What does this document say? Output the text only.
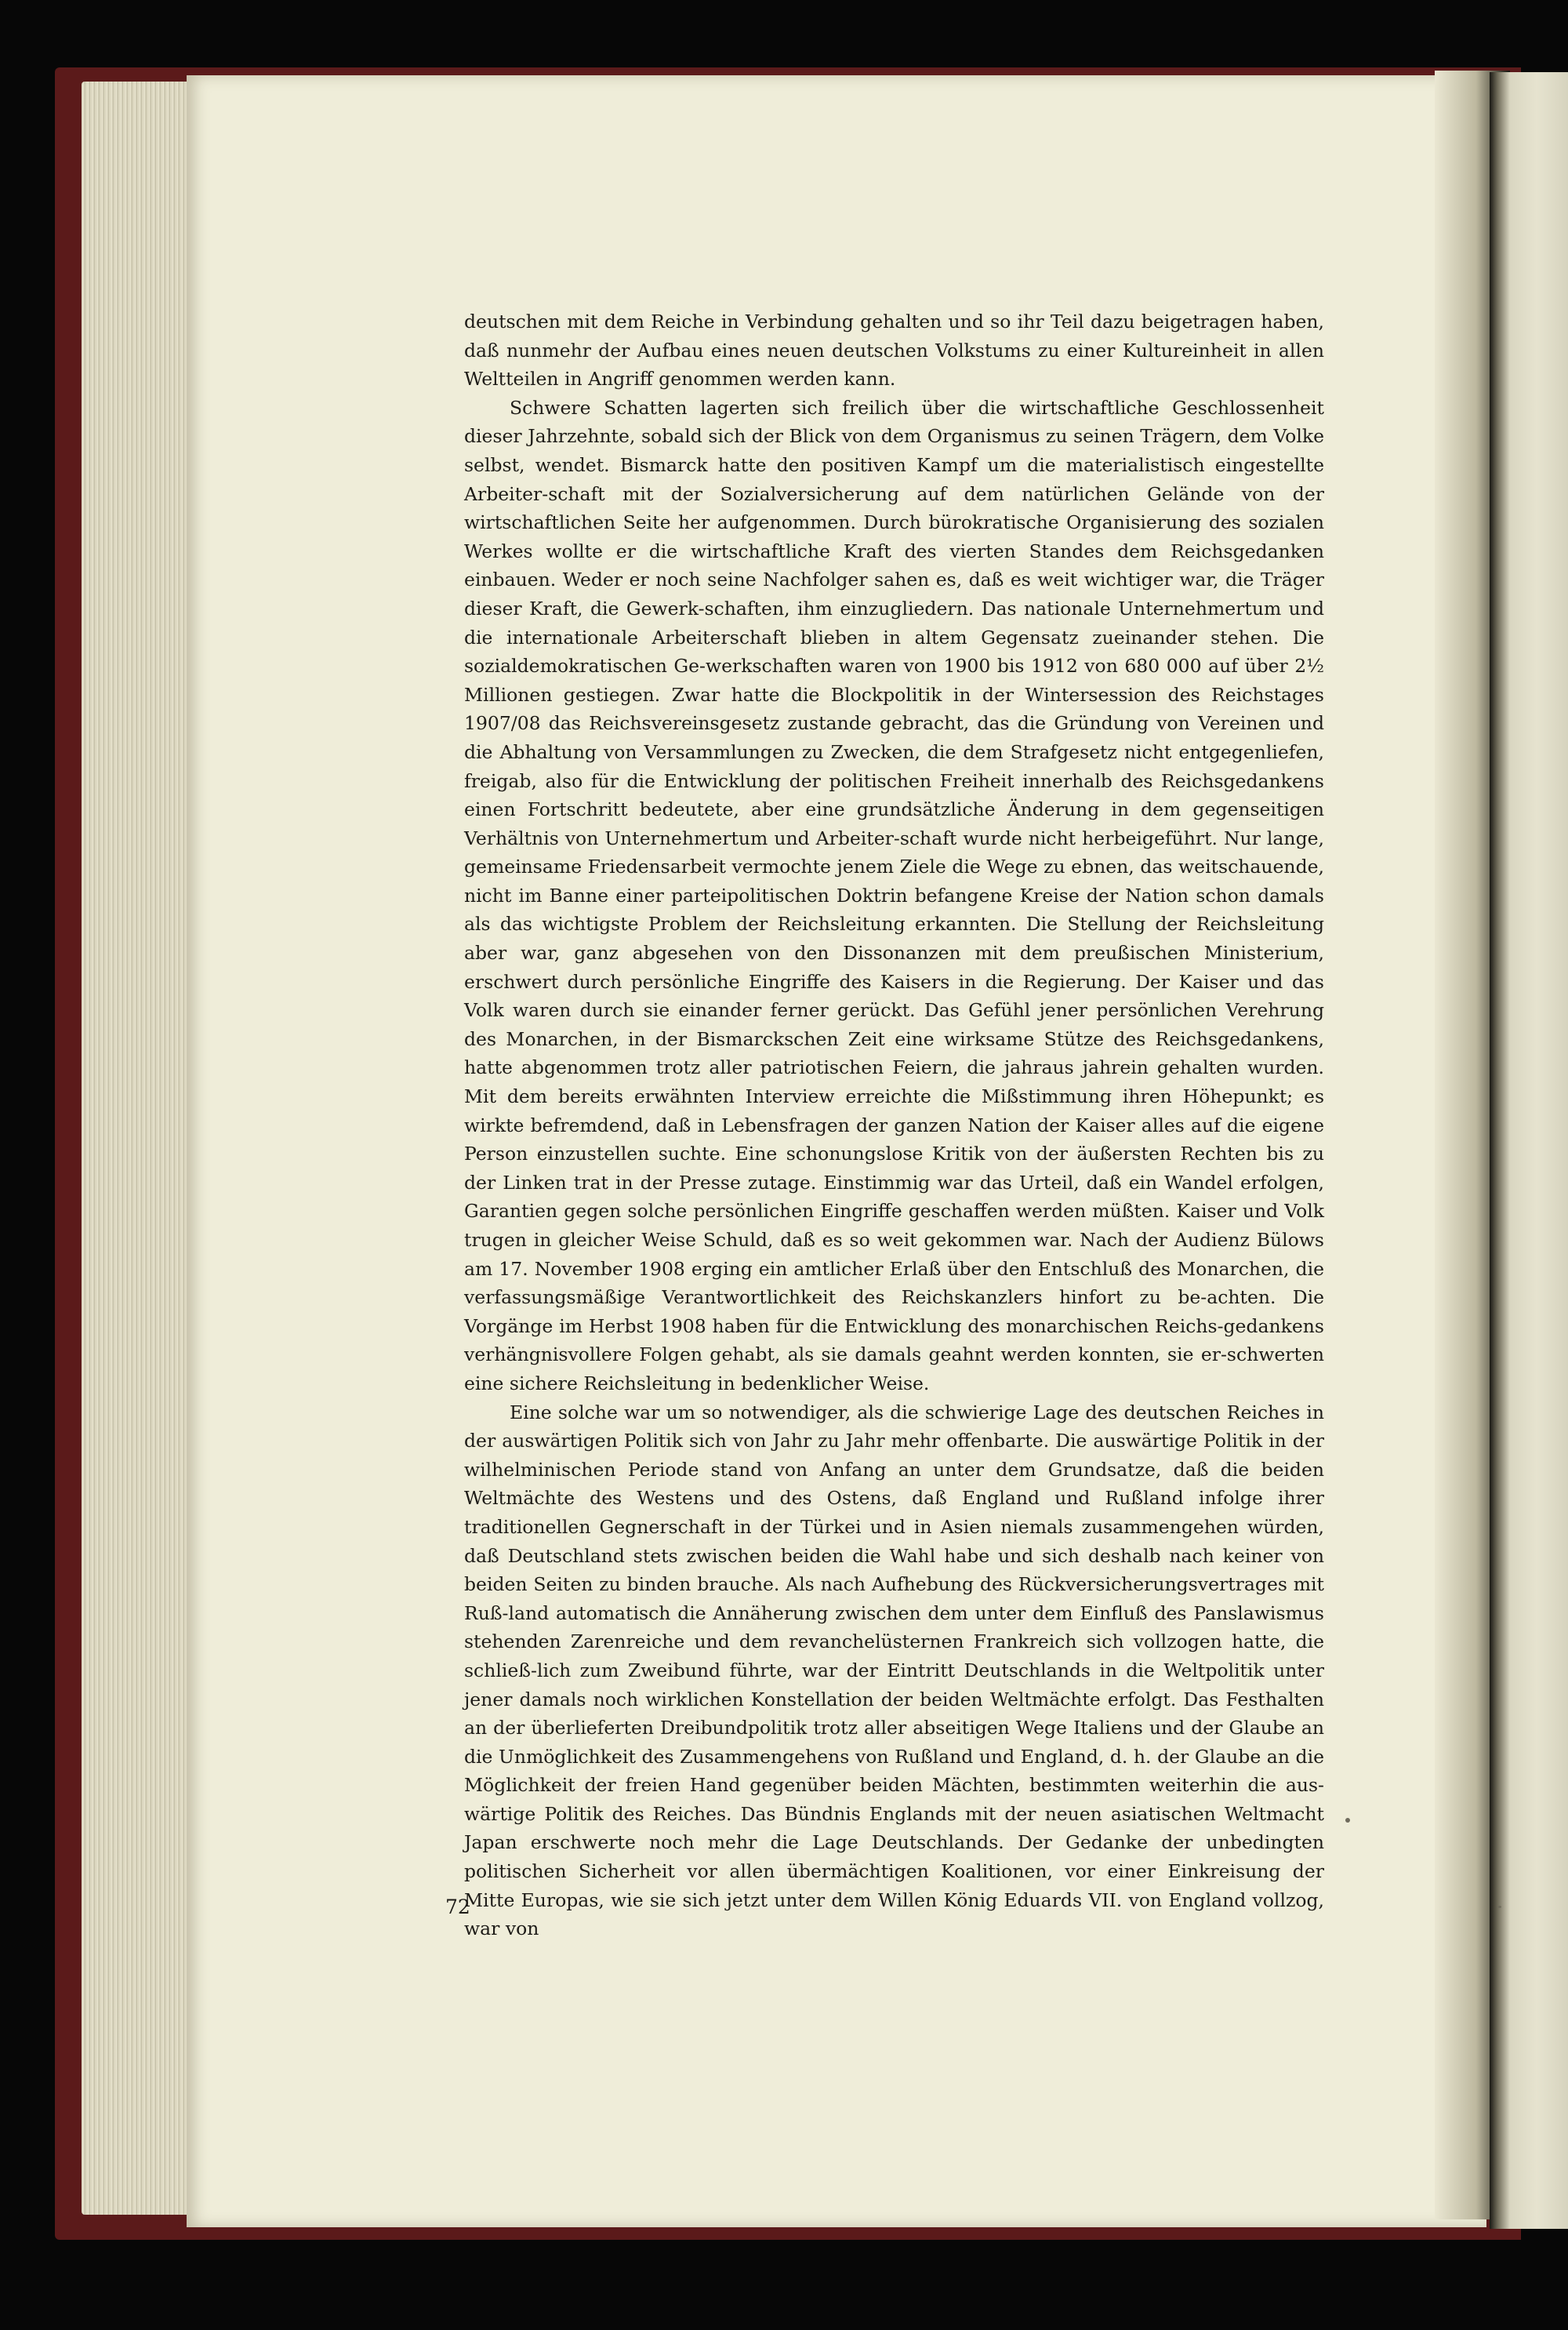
deutschen mit dem Reiche in Verbindung gehalten und so ihr Teil dazu beigetragen haben, daß nunmehr der Aufbau eines neuen deutschen Volkstums zu einer Kultureinheit in allen Weltteilen in Angriff genommen werden kann.

Schwere Schatten lagerten sich freilich über die wirtschaftliche Geschlossenheit dieser Jahrzehnte, sobald sich der Blick von dem Organismus zu seinen Trägern, dem Volke selbst, wendet. Bismarck hatte den positiven Kampf um die materialistisch eingestellte Arbeiter-schaft mit der Sozialversicherung auf dem natürlichen Gelände von der wirtschaftlichen Seite her aufgenommen. Durch bürokratische Organisierung des sozialen Werkes wollte er die wirtschaftliche Kraft des vierten Standes dem Reichsgedanken einbauen. Weder er noch seine Nachfolger sahen es, daß es weit wichtiger war, die Träger dieser Kraft, die Gewerk-schaften, ihm einzugliedern. Das nationale Unternehmertum und die internationale Arbeiterschaft blieben in altem Gegensatz zueinander stehen. Die sozialdemokratischen Ge-werkschaften waren von 1900 bis 1912 von 680 000 auf über 2½ Millionen gestiegen. Zwar hatte die Blockpolitik in der Wintersession des Reichstages 1907/08 das Reichsvereinsgesetz zustande gebracht, das die Gründung von Vereinen und die Abhaltung von Versammlungen zu Zwecken, die dem Strafgesetz nicht entgegenliefen, freigab, also für die Entwicklung der politischen Freiheit innerhalb des Reichsgedankens einen Fortschritt bedeutete, aber eine grundsätzliche Änderung in dem gegenseitigen Verhältnis von Unternehmertum und Arbeiter-schaft wurde nicht herbeigeführt. Nur lange, gemeinsame Friedensarbeit vermochte jenem Ziele die Wege zu ebnen, das weitschauende, nicht im Banne einer parteipolitischen Doktrin befangene Kreise der Nation schon damals als das wichtigste Problem der Reichsleitung erkannten. Die Stellung der Reichsleitung aber war, ganz abgesehen von den Dissonanzen mit dem preußischen Ministerium, erschwert durch persönliche Eingriffe des Kaisers in die Regierung. Der Kaiser und das Volk waren durch sie einander ferner gerückt. Das Gefühl jener persönlichen Verehrung des Monarchen, in der Bismarckschen Zeit eine wirksame Stütze des Reichsgedankens, hatte abgenommen trotz aller patriotischen Feiern, die jahraus jahrein gehalten wurden. Mit dem bereits erwähnten Interview erreichte die Mißstimmung ihren Höhepunkt; es wirkte befremdend, daß in Lebensfragen der ganzen Nation der Kaiser alles auf die eigene Person einzustellen suchte. Eine schonungslose Kritik von der äußersten Rechten bis zu der Linken trat in der Presse zutage. Einstimmig war das Urteil, daß ein Wandel erfolgen, Garantien gegen solche persönlichen Eingriffe geschaffen werden müßten. Kaiser und Volk trugen in gleicher Weise Schuld, daß es so weit gekommen war. Nach der Audienz Bülows am 17. November 1908 erging ein amtlicher Erlaß über den Entschluß des Monarchen, die verfassungsmäßige Verantwortlichkeit des Reichskanzlers hinfort zu be-achten. Die Vorgänge im Herbst 1908 haben für die Entwicklung des monarchischen Reichs-gedankens verhängnisvollere Folgen gehabt, als sie damals geahnt werden konnten, sie er-schwerten eine sichere Reichsleitung in bedenklicher Weise.

Eine solche war um so notwendiger, als die schwierige Lage des deutschen Reiches in der auswärtigen Politik sich von Jahr zu Jahr mehr offenbarte. Die auswärtige Politik in der wilhelminischen Periode stand von Anfang an unter dem Grundsatze, daß die beiden Weltmächte des Westens und des Ostens, daß England und Rußland infolge ihrer traditionellen Gegnerschaft in der Türkei und in Asien niemals zusammengehen würden, daß Deutschland stets zwischen beiden die Wahl habe und sich deshalb nach keiner von beiden Seiten zu binden brauche. Als nach Aufhebung des Rückversicherungsvertrages mit Ruß-land automatisch die Annäherung zwischen dem unter dem Einfluß des Panslawismus stehenden Zarenreiche und dem revanchelüsternen Frankreich sich vollzogen hatte, die schließ-lich zum Zweibund führte, war der Eintritt Deutschlands in die Weltpolitik unter jener damals noch wirklichen Konstellation der beiden Weltmächte erfolgt. Das Festhalten an der überlieferten Dreibundpolitik trotz aller abseitigen Wege Italiens und der Glaube an die Unmöglichkeit des Zusammengehens von Rußland und England, d. h. der Glaube an die Möglichkeit der freien Hand gegenüber beiden Mächten, bestimmten weiterhin die aus-wärtige Politik des Reiches. Das Bündnis Englands mit der neuen asiatischen Weltmacht Japan erschwerte noch mehr die Lage Deutschlands. Der Gedanke der unbedingten politischen Sicherheit vor allen übermächtigen Koalitionen, vor einer Einkreisung der Mitte Europas, wie sie sich jetzt unter dem Willen König Eduards VII. von England vollzog, war von

72
